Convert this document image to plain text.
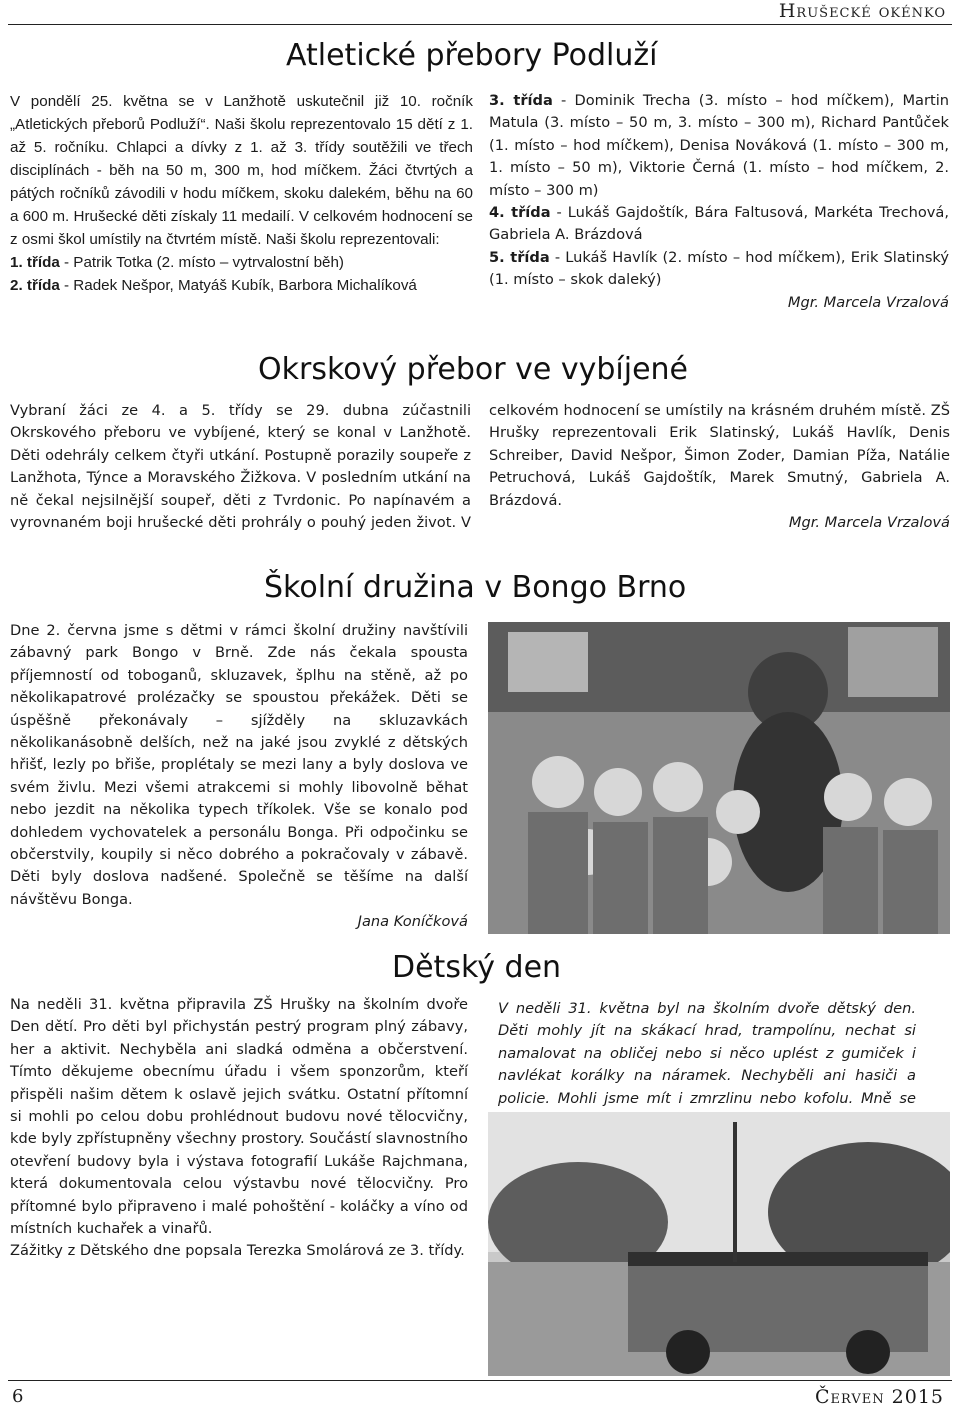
Hrušecké okénko
Atletické přebory Podluží

V pondělí 25. května se v Lanžhotě uskutečnil již 10. ročník „Atletických přeborů Podluží“. Naši školu reprezentovalo 15 dětí z 1. až 5. ročníku. Chlapci a dívky z 1. až 3. třídy soutěžili ve třech disciplínách - běh na 50 m, 300 m, hod míčkem. Žáci čtvrtých a pátých ročníků závodili v hodu míčkem, skoku dalekém, běhu na 60 a 600 m. Hrušecké děti získaly 11 medailí. V celkovém hodnocení se z osmi škol umístily na čtvrtém místě. Naši školu reprezentovali:

1. třída - Patrik Totka (2. místo – vytrvalostní běh)

2. třída - Radek Nešpor, Matyáš Kubík, Barbora Michalíková

3. třída - Dominik Trecha (3. místo – hod míčkem), Martin Matula (3. místo – 50 m, 3. místo – 300 m), Richard Pantůček (1. místo – hod míčkem), Denisa Nováková (1. místo – 300 m, 1. místo – 50 m), Viktorie Černá (1. místo – hod míčkem, 2. místo – 300 m)

4. třída - Lukáš Gajdoštík, Bára Faltusová, Markéta Trechová, Gabriela A. Brázdová

5. třída - Lukáš Havlík (2. místo – hod míčkem), Erik Slatinský (1. místo – skok daleký)

Mgr. Marcela Vrzalová

Okrskový přebor ve vybíjené

Vybraní žáci ze 4. a 5. třídy se 29. dubna zúčastnili Okrskového přeboru ve vybíjené, který se konal v Lanžhotě. Děti odehrály celkem čtyři utkání. Postupně porazily soupeře z Lanžhota, Týnce a Moravského Žižkova. V posledním utkání na ně čekal nejsilnější soupeř, děti z Tvrdonic. Po napínavém a vyrovnaném boji hrušecké děti prohrály o pouhý jeden život. V celkovém hodnocení se umístily na krásném druhém místě. ZŠ Hrušky reprezentovali Erik Slatinský, Lukáš Havlík, Denis Schreiber, David Nešpor, Šimon Zoder, Damian Píža, Natálie Petruchová, Lukáš Gajdoštík, Marek Smutný, Gabriela A. Brázdová.

Mgr. Marcela Vrzalová

Školní družina v Bongo Brno

Dne 2. června jsme s dětmi v rámci školní družiny navštívili zábavný park Bongo v Brně. Zde nás čekala spousta příjemností od toboganů, skluzavek, šplhu na stěně, až po několikapatrové prolézačky se spoustou překážek. Děti se úspěšně překonávaly – sjížděly na skluzavkách několikanásobně delších, než na jaké jsou zvyklé z dětských hřišť, lezly po břiše, proplétaly se mezi lany a byly doslova ve svém živlu. Mezi všemi atrakcemi si mohly libovolně běhat nebo jezdit na několika typech tříkolek. Vše se konalo pod dohledem vychovatelek a personálu Bonga. Při odpočinku se občerstvily, koupily si něco dobrého a pokračovaly v zábavě. Děti byly doslova nadšené. Společně se těšíme na další návštěvu Bonga.

Jana Koníčková

Dětský den

Na neděli 31. května připravila ZŠ Hrušky na školním dvoře Den dětí. Pro děti byl přichystán pestrý program plný zábavy, her a aktivit. Nechyběla ani sladká odměna a občerstvení. Tímto děkujeme obecnímu úřadu i všem sponzorům, kteří přispěli našim dětem k oslavě jejich svátku. Ostatní přítomní si mohli po celou dobu prohlédnout budovu nové tělocvičny, kde byly zpřístupněny všechny prostory. Součástí slavnostního otevření budovy byla i výstava fotografií Lukáše Rajchmana, která dokumentovala celou výstavbu nové tělocvičny. Pro přítomné bylo připraveno i malé pohoštění - koláčky a víno od místních kuchařek a vinařů.

Zážitky z Dětského dne popsala Terezka Smolárová ze 3. třídy.

V neděli 31. května byl na školním dvoře dětský den. Děti mohly jít na skákací hrad, trampolínu, nechat si namalovat na obličej nebo si něco uplést z gumiček i navlékat korálky na náramek. Nechyběli ani hasiči a policie. Mohli jsme mít i zmrzlinu nebo kofolu. Mně se
6	Červen 2015
